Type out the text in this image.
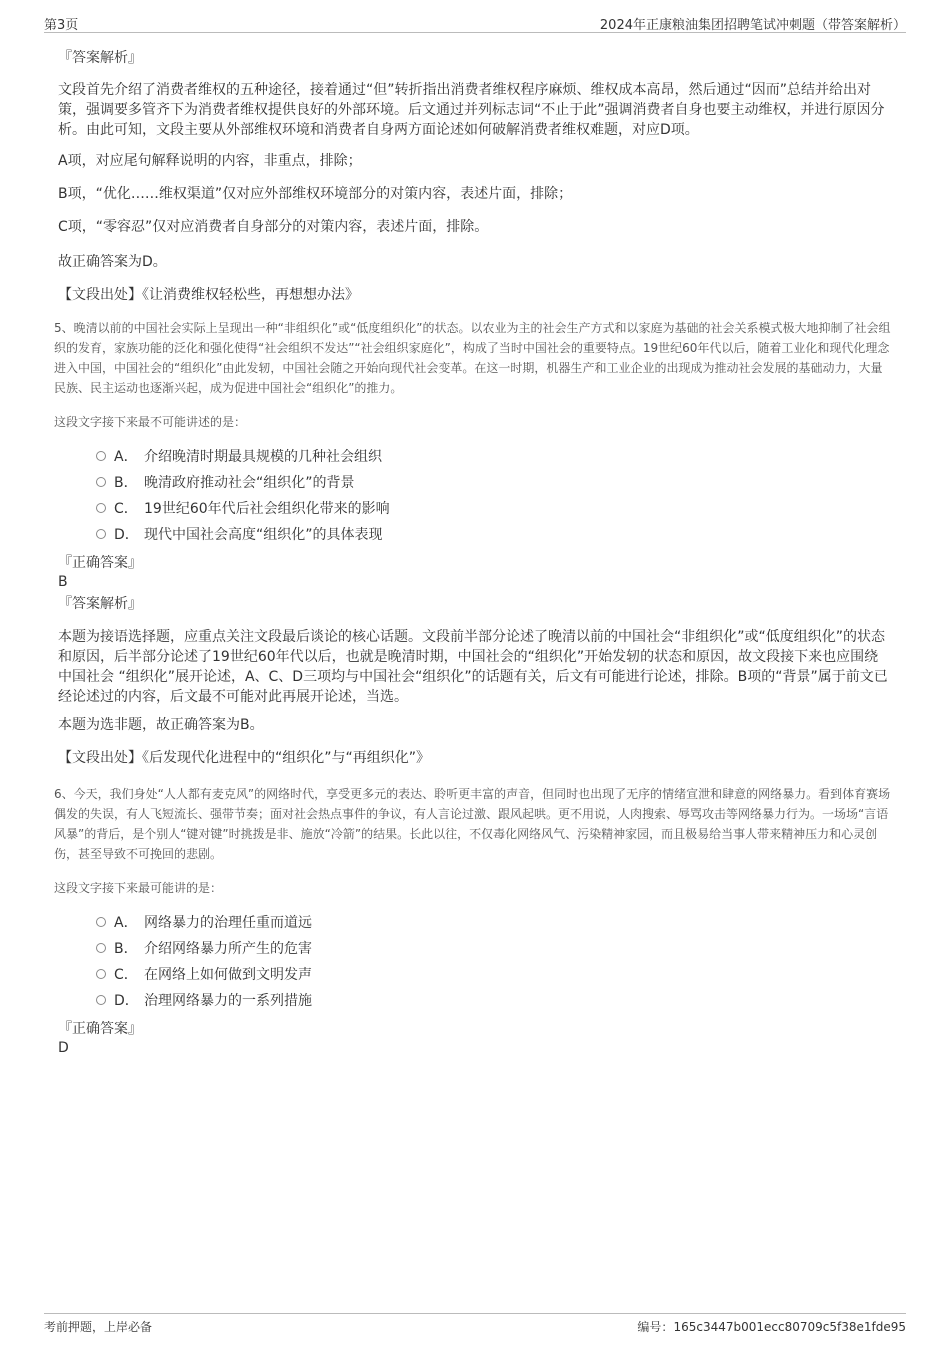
第3页	2024年正康粮油集团招聘笔试冲刺题（带答案解析）
『答案解析』
文段首先介绍了消费者维权的五种途径，接着通过“但”转折指出消费者维权程序麻烦、维权成本高昂，然后通过“因而”总结并给出对策，强调要多管齐下为消费者维权提供良好的外部环境。后文通过并列标志词“不止于此”强调消费者自身也要主动维权，并进行原因分析。由此可知，文段主要从外部维权环境和消费者自身两方面论述如何破解消费者维权难题，对应D项。
A项，对应尾句解释说明的内容，非重点，排除；
B项，“优化……维权渠道”仅对应外部维权环境部分的对策内容，表述片面，排除；
C项，“零容忍”仅对应消费者自身部分的对策内容，表述片面，排除。
故正确答案为D。
【文段出处】《让消费维权轻松些，再想想办法》
5、晚清以前的中国社会实际上呈现出一种“非组织化”或“低度组织化”的状态。以农业为主的社会生产方式和以家庭为基础的社会关系模式极大地抑制了社会组织的发育，家族功能的泛化和强化使得“社会组织不发达”“社会组织家庭化”，构成了当时中国社会的重要特点。19世纪60年代以后，随着工业化和现代化理念进入中国，中国社会的“组织化”由此发轫，中国社会随之开始向现代社会变革。在这一时期，机器生产和工业企业的出现成为推动社会发展的基础动力，大量民族、民主运动也逐渐兴起，成为促进中国社会“组织化”的推力。
这段文字接下来最不可能讲述的是：
A． 介绍晚清时期最具规模的几种社会组织
B． 晚清政府推动社会“组织化”的背景
C． 19世纪60年代后社会组织化带来的影响
D． 现代中国社会高度“组织化”的具体表现
『正确答案』
B
『答案解析』
本题为接语选择题，应重点关注文段最后谈论的核心话题。文段前半部分论述了晚清以前的中国社会“非组织化”或“低度组织化”的状态和原因，后半部分论述了19世纪60年代以后，也就是晚清时期，中国社会的“组织化”开始发轫的状态和原因，故文段接下来也应围绕中国社会 “组织化”展开论述，A、C、D三项均与中国社会“组织化”的话题有关，后文有可能进行论述，排除。B项的“背景”属于前文已经论述过的内容，后文最不可能对此再展开论述，当选。
本题为选非题，故正确答案为B。
【文段出处】《后发现代化进程中的“组织化”与“再组织化”》
6、今天，我们身处“人人都有麦克风”的网络时代，享受更多元的表达、聆听更丰富的声音，但同时也出现了无序的情绪宣泄和肆意的网络暴力。看到体育赛场偶发的失误，有人飞短流长、强带节奏；面对社会热点事件的争议，有人言论过激、跟风起哄。更不用说，人肉搜索、辱骂攻击等网络暴力行为。一场场“言语风暴”的背后，是个别人“键对键”时挑拨是非、施放“冷箭”的结果。长此以往，不仅毒化网络风气、污染精神家园，而且极易给当事人带来精神压力和心灵创伤，甚至导致不可挽回的悲剧。
这段文字接下来最可能讲的是：
A． 网络暴力的治理任重而道远
B． 介绍网络暴力所产生的危害
C． 在网络上如何做到文明发声
D． 治理网络暴力的一系列措施
『正确答案』
D
考前押题，上岸必备	编号：165c3447b001ecc80709c5f38e1fde95
